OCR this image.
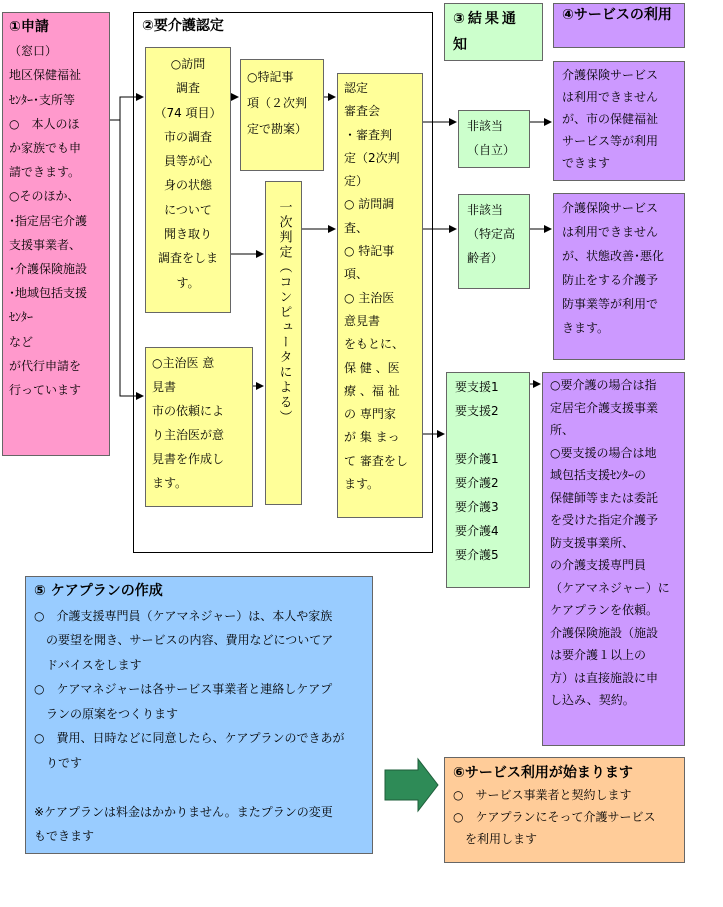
①申請
（窓口）
地区保健福祉
ｾﾝﾀｰ･支所等
○　本人のほ
か家族でも申
請できます。
○そのほか、
･指定居宅介護
支援事業者、
･介護保険施設
･地域包括支援
ｾﾝﾀｰ
など
が代行申請を
行っています
②要介護認定
○訪問
調査
（74 項目）
市の調査
員等が心
身の状態
について
聞き取り
調査をしま
す。
○特記事
項（２次判
定で勘案）
一次判定（コンピュータによる）
○主治医 意
見書
市の依頼によ
り主治医が意
見書を作成し
ます。
認定
審査会
・審査判
定（2次判
定）
○ 訪問調
査、
○ 特記事
項、
○ 主治医
意見書
をもとに、
保 健 、医
療 、福 祉
の 専門家
が 集 まっ
て 審査をし
ます。
③結果通知
非該当
（自立）
非該当
（特定高
齢者）
要支援1
要支援2

要介護1
要介護2
要介護3
要介護4
要介護5
④サービスの利用
介護保険サービス
は利用できません
が、市の保健福祉
サービス等が利用
できます
介護保険サービス
は利用できません
が、状態改善･悪化
防止をする介護予
防事業等が利用で
きます。
○要介護の場合は指
定居宅介護支援事業
所、
○要支援の場合は地
域包括支援ｾﾝﾀｰの
保健師等または委託
を受けた指定介護予
防支援事業所、
の介護支援専門員
（ケアマネジャー）に
ケアプランを依頼。
介護保険施設（施設
は要介護１以上の
方）は直接施設に申
し込み、契約。
⑤ ケアプランの作成
○　介護支援専門員（ケアマネジャー）は、本人や家族
　の要望を聞き、サービスの内容、費用などについてア
　ドバイスをします
○　ケアマネジャーは各サービス事業者と連絡しケアプ
　ランの原案をつくります
○　費用、日時などに同意したら、ケアプランのできあが
　りです

※ケアプランは料金はかかりません。またプランの変更
もできます
⑥サービス利用が始まります
○　サービス事業者と契約します
○　ケアプランにそって介護サービス
　を利用します
